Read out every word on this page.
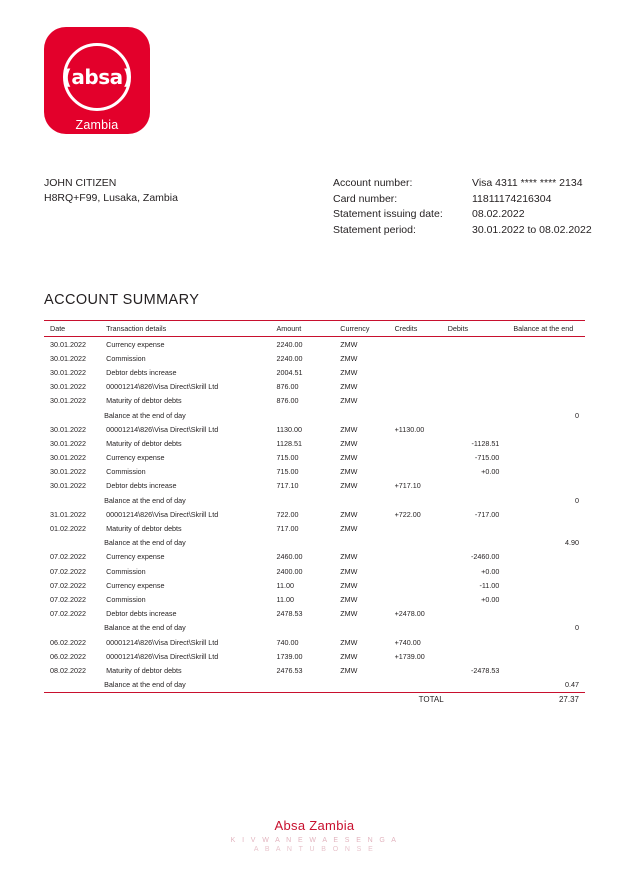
(absa)
Zambia
JOHN CITIZEN
H8RQ+F99, Lusaka, Zambia
Account number:	Visa 4311 **** **** 2134
Card number:	11811174216304
Statement issuing date:	08.02.2022
Statement period:	30.01.2022 to 08.02.2022
ACCOUNT SUMMARY
Date	Transaction details	Amount	Currency	Credits	Debits	Balance at the end
30.01.2022	Currency expense	2240.00	ZMW			
30.01.2022	Commission	2240.00	ZMW			
30.01.2022	Debtor debts increase	2004.51	ZMW			
30.01.2022	00001214\826\Visa Direct\Skrill Ltd	876.00	ZMW			
30.01.2022	Maturity of debtor debts	876.00	ZMW			
	Balance at the end of day					0
30.01.2022	00001214\826\Visa Direct\Skrill Ltd	1130.00	ZMW	+1130.00		
30.01.2022	Maturity of debtor debts	1128.51	ZMW		-1128.51	
30.01.2022	Currency expense	715.00	ZMW		-715.00	
30.01.2022	Commission	715.00	ZMW		+0.00	
30.01.2022	Debtor debts increase	717.10	ZMW	+717.10		
	Balance at the end of day					0
31.01.2022	00001214\826\Visa Direct\Skrill Ltd	722.00	ZMW	+722.00	-717.00	
01.02.2022	Maturity of debtor debts	717.00	ZMW			
	Balance at the end of day					4.90
07.02.2022	Currency expense	2460.00	ZMW		-2460.00	
07.02.2022	Commission	2400.00	ZMW		+0.00	
07.02.2022	Currency expense	11.00	ZMW		-11.00	
07.02.2022	Commission	11.00	ZMW		+0.00	
07.02.2022	Debtor debts increase	2478.53	ZMW	+2478.00		
	Balance at the end of day					0
06.02.2022	00001214\826\Visa Direct\Skrill Ltd	740.00	ZMW	+740.00		
06.02.2022	00001214\826\Visa Direct\Skrill Ltd	1739.00	ZMW	+1739.00		
08.02.2022	Maturity of debtor debts	2476.53	ZMW		-2478.53	
	Balance at the end of day					0.47
				TOTAL		27.37
Absa Zambia
K I V W A N E W A E S E N G A
A B A N T U B O N S E
